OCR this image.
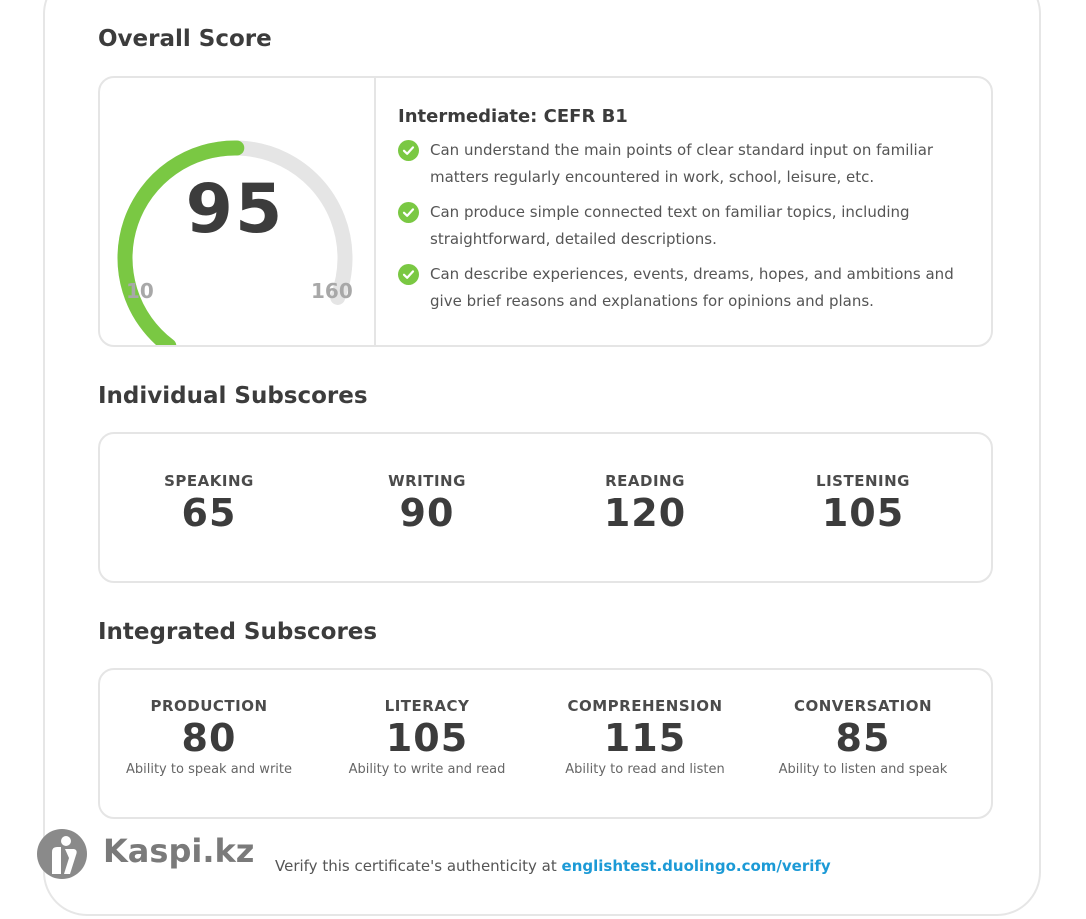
Overall Score
95
10	160
Intermediate: CEFR B1
Can understand the main points of clear standard input on familiar matters regularly encountered in work, school, leisure, etc.
Can produce simple connected text on familiar topics, including straightforward, detailed descriptions.
Can describe experiences, events, dreams, hopes, and ambitions and give brief reasons and explanations for opinions and plans.
Individual Subscores
SPEAKING
65
WRITING
90
READING
120
LISTENING
105
Integrated Subscores
PRODUCTION
80
Ability to speak and write
LITERACY
105
Ability to write and read
COMPREHENSION
115
Ability to read and listen
CONVERSATION
85
Ability to listen and speak
Kaspi.kz Verify this certificate's authenticity at englishtest.duolingo.com/verify
